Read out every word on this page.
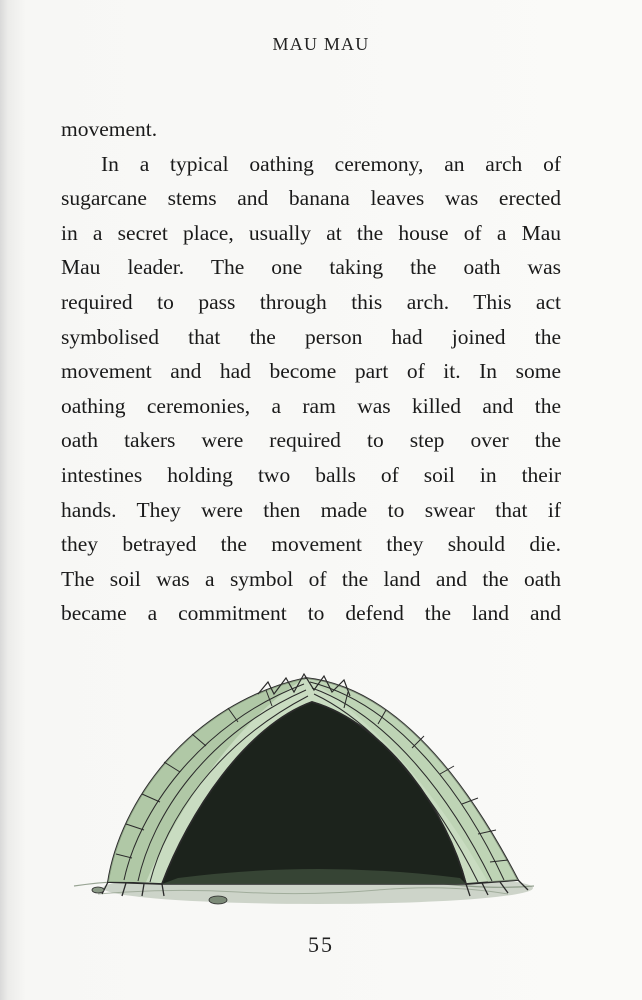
MAU MAU
movement.
In a typical oathing ceremony, an arch of
sugarcane stems and banana leaves was erected
in a secret place, usually at the house of a Mau
Mau leader. The one taking the oath was
required to pass through this arch. This act
symbolised that the person had joined the
movement and had become part of it. In some
oathing ceremonies, a ram was killed and the
oath takers were required to step over the
intestines holding two balls of soil in their
hands. They were then made to swear that if
they betrayed the movement they should die.
The soil was a symbol of the land and the oath
became a commitment to defend the land and
55
